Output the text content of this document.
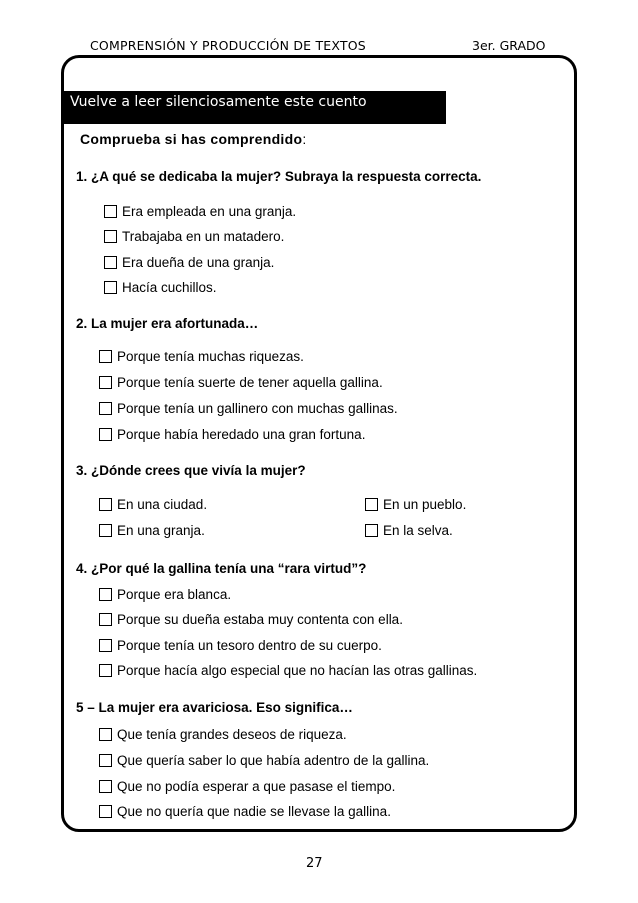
COMPRENSIÓN Y PRODUCCIÓN DE TEXTOS	3er. GRADO
Vuelve a leer silenciosamente este cuento
Comprueba si has comprendido:
1. ¿A qué se dedicaba la mujer? Subraya la respuesta correcta.
Era empleada en una granja.
Trabajaba en un matadero.
Era dueña de una granja.
Hacía cuchillos.
2. La mujer era afortunada…
Porque tenía muchas riquezas.
Porque tenía suerte de tener aquella gallina.
Porque tenía un gallinero con muchas gallinas.
Porque había heredado una gran fortuna.
3. ¿Dónde crees que vivía la mujer?
En una ciudad.	En un pueblo.
En una granja.	En la selva.
4. ¿Por qué la gallina tenía una “rara virtud”?
Porque era blanca.
Porque su dueña estaba muy contenta con ella.
Porque tenía un tesoro dentro de su cuerpo.
Porque hacía algo especial que no hacían las otras gallinas.
5 – La mujer era avariciosa. Eso significa…
Que tenía grandes deseos de riqueza.
Que quería saber lo que había adentro de la gallina.
Que no podía esperar a que pasase el tiempo.
Que no quería que nadie se llevase la gallina.
27
